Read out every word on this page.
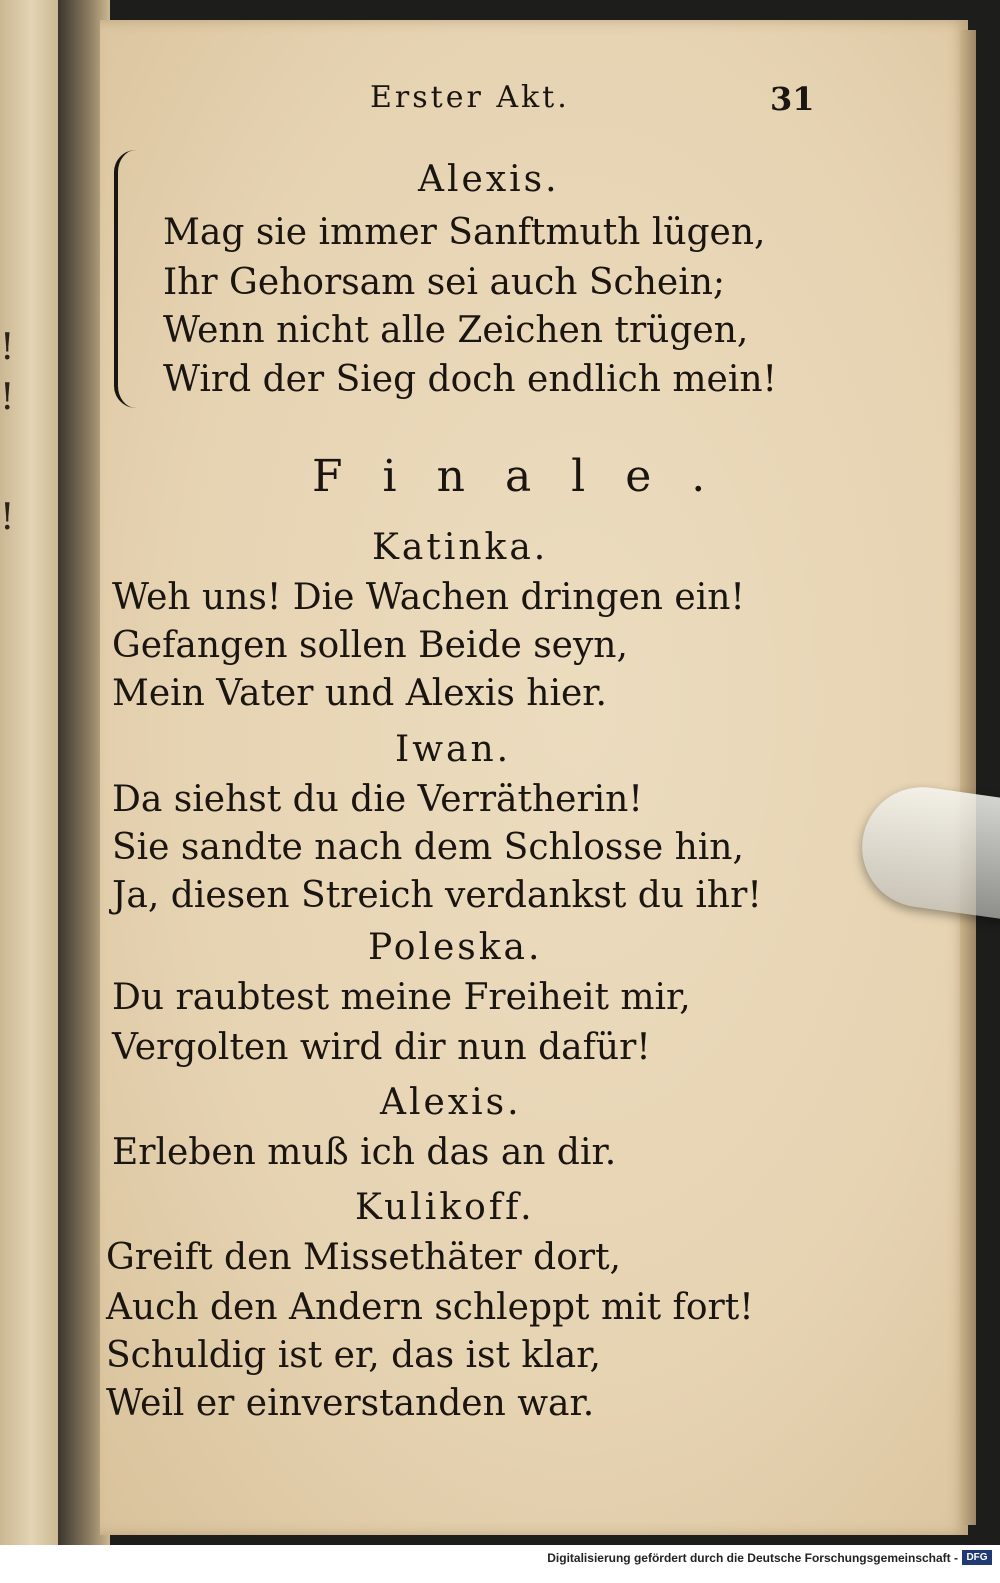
!
!
!
Erster Akt.	31
Alexis.
Mag sie immer Sanftmuth lügen,
Ihr Gehorsam sei auch Schein;
Wenn nicht alle Zeichen trügen,
Wird der Sieg doch endlich mein!
Finale.
Katinka.
Weh uns! Die Wachen dringen ein!
Gefangen sollen Beide seyn,
Mein Vater und Alexis hier.
Iwan.
Da siehst du die Verrätherin!
Sie sandte nach dem Schlosse hin,
Ja, diesen Streich verdankst du ihr!
Poleska.
Du raubtest meine Freiheit mir,
Vergolten wird dir nun dafür!
Alexis.
Erleben muß ich das an dir.
Kulikoff.
Greift den Missethäter dort,
Auch den Andern schleppt mit fort!
Schuldig ist er, das ist klar,
Weil er einverstanden war.
Digitalisierung gefördert durch die Deutsche Forschungsgemeinschaft - DFG
